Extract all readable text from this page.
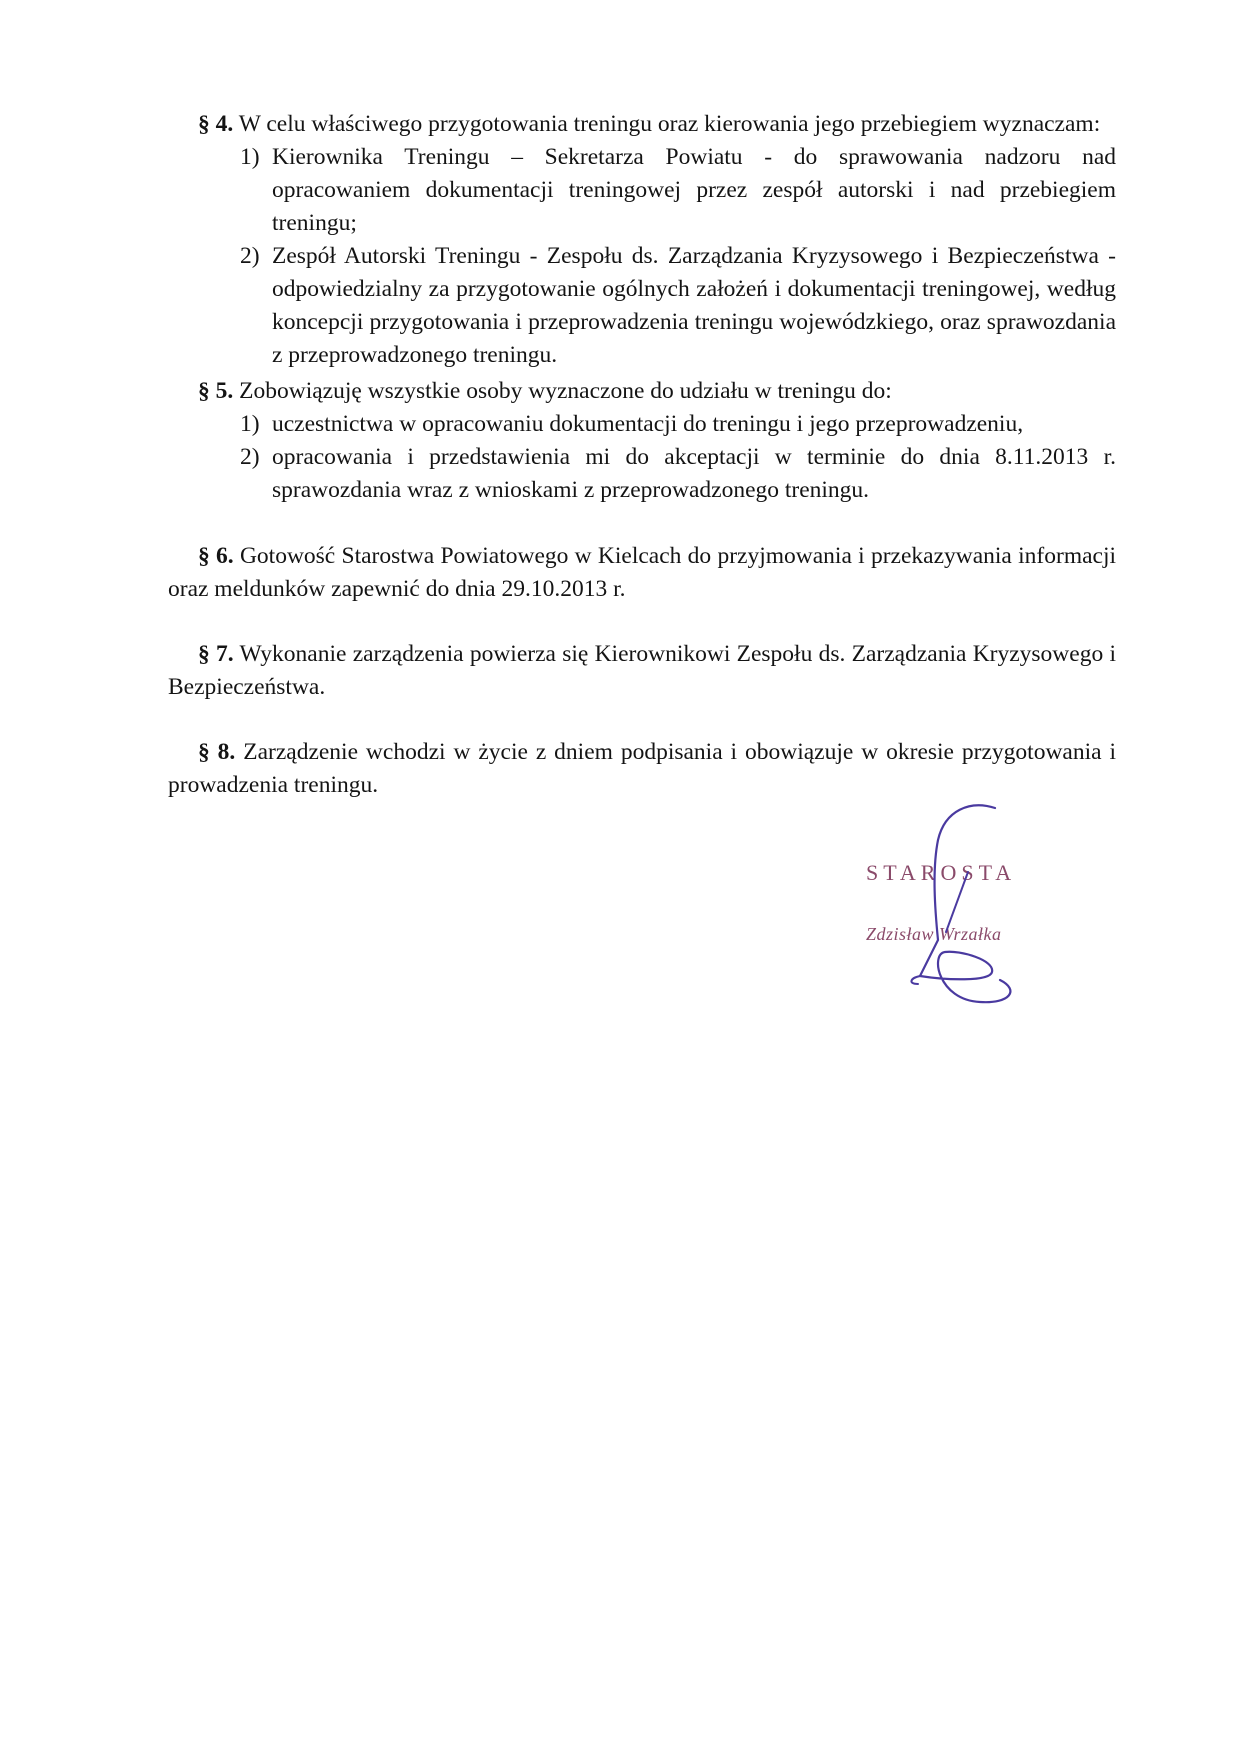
§ 4. W celu właściwego przygotowania treningu oraz kierowania jego przebiegiem wyznaczam:

1) Kierownika Treningu – Sekretarza Powiatu - do sprawowania nadzoru nad opracowaniem dokumentacji treningowej przez zespół autorski i nad przebiegiem treningu;
2) Zespół Autorski Treningu - Zespołu ds. Zarządzania Kryzysowego i Bezpieczeństwa - odpowiedzialny za przygotowanie ogólnych założeń i dokumentacji treningowej, według koncepcji przygotowania i przeprowadzenia treningu wojewódzkiego, oraz sprawozdania z przeprowadzonego treningu.

§ 5. Zobowiązuję wszystkie osoby wyznaczone do udziału w treningu do:

1) uczestnictwa w opracowaniu dokumentacji do treningu i jego przeprowadzeniu,
2) opracowania i przedstawienia mi do akceptacji w terminie do dnia 8.11.2013 r. sprawozdania wraz z wnioskami z przeprowadzonego treningu.

§ 6. Gotowość Starostwa Powiatowego w Kielcach do przyjmowania i przekazywania informacji oraz meldunków zapewnić do dnia 29.10.2013 r.

§ 7. Wykonanie zarządzenia powierza się Kierownikowi Zespołu ds. Zarządzania Kryzysowego i Bezpieczeństwa.

§ 8. Zarządzenie wchodzi w życie z dniem podpisania i obowiązuje w okresie przygotowania i prowadzenia treningu.

STAROSTA
Zdzisław Wrzałka
